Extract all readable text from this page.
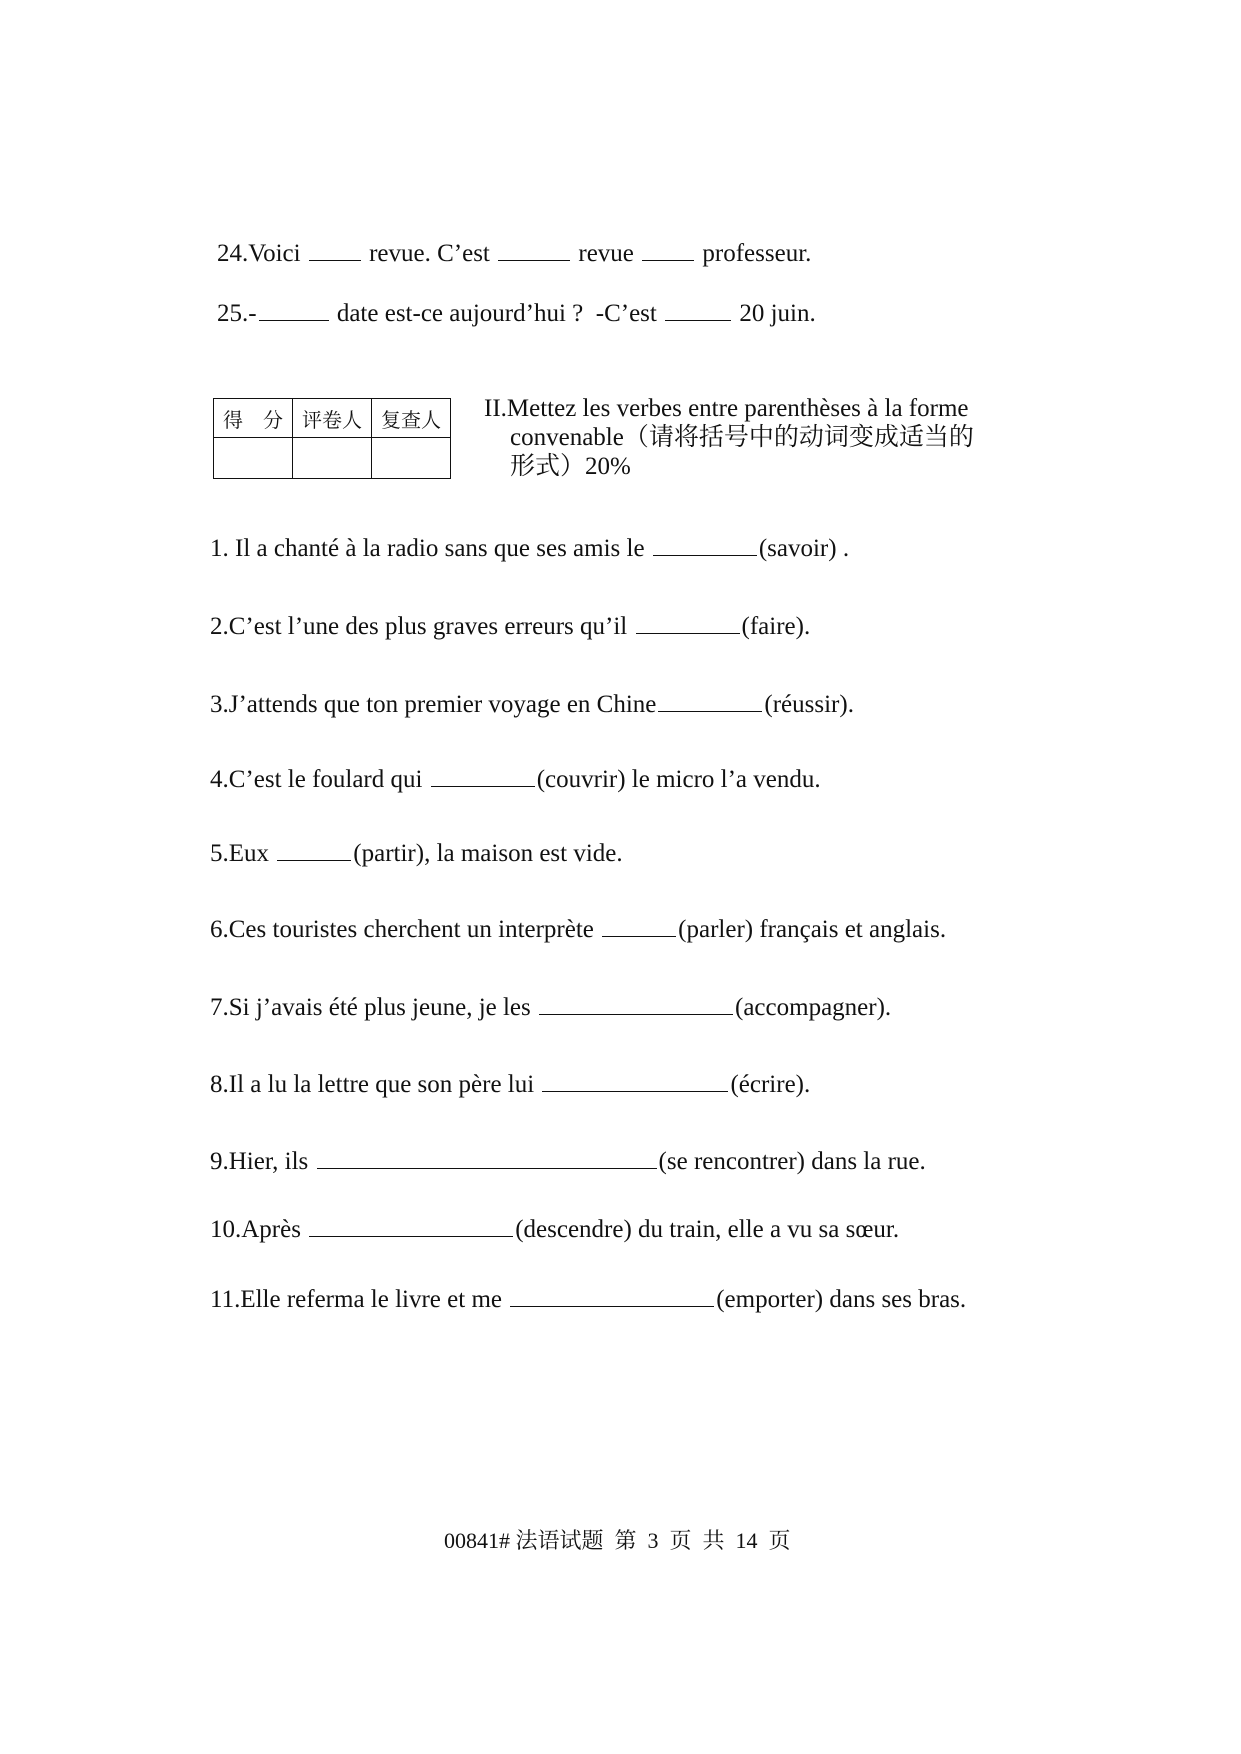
24.Voici	revue. C’est	revue	professeur.
25.-	date est-ce aujourd’hui ? -C’est	20 juin.
得　分	评卷人	复查人
		II.Mettez les verbes entre parenthèses à la forme
convenable（请将括号中的动词变成适当的
形式）20%
1. Il a chanté à la radio sans que ses amis le	(savoir) .
2.C’est l’une des plus graves erreurs qu’il	(faire).
3.J’attends que ton premier voyage en Chine	(réussir).
4.C’est le foulard qui	(couvrir) le micro l’a vendu.
5.Eux	(partir), la maison est vide.
6.Ces touristes cherchent un interprète	(parler) français et anglais.
7.Si j’avais été plus jeune, je les	(accompagner).
8.Il a lu la lettre que son père lui	(écrire).
9.Hier, ils	(se rencontrer) dans la rue.
10.Après	(descendre) du train, elle a vu sa sœur.
11.Elle referma le livre et me	(emporter) dans ses bras.
00841# 法语试题  第  3  页  共  14  页
